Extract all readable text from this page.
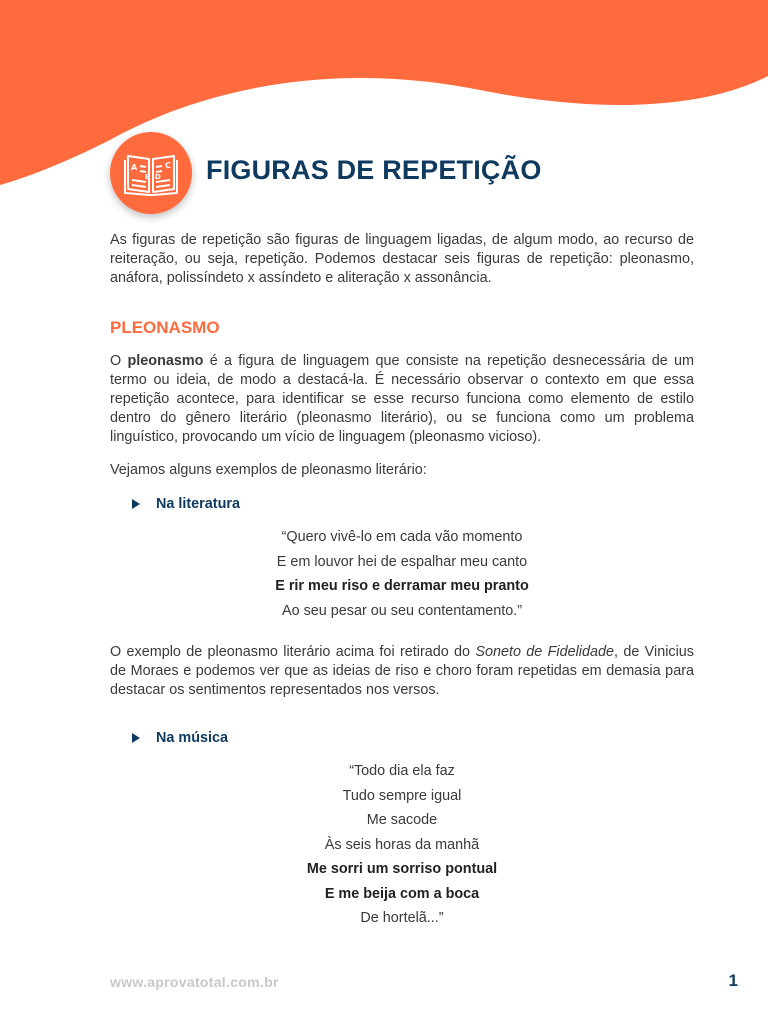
A	C
B D FIGURAS DE REPETIÇÃO

As figuras de repetição são figuras de linguagem ligadas, de algum modo, ao recurso de reiteração, ou seja, repetição. Podemos destacar seis figuras de repetição: pleonasmo, anáfora, polissíndeto x assíndeto e aliteração x assonância.

PLEONASMO

O pleonasmo é a figura de linguagem que consiste na repetição desnecessária de um termo ou ideia, de modo a destacá-la. É necessário observar o contexto em que essa repetição acontece, para identificar se esse recurso funciona como elemento de estilo dentro do gênero literário (pleonasmo literário), ou se funciona como um problema linguístico, provocando um vício de linguagem (pleonasmo vicioso).

Vejamos alguns exemplos de pleonasmo literário:

Na literatura
“Quero vivê-lo em cada vão momento
E em louvor hei de espalhar meu canto
E rir meu riso e derramar meu pranto
Ao seu pesar ou seu contentamento.”

O exemplo de pleonasmo literário acima foi retirado do Soneto de Fidelidade, de Vinicius de Moraes e podemos ver que as ideias de riso e choro foram repetidas em demasia para destacar os sentimentos representados nos versos.

Na música
“Todo dia ela faz
Tudo sempre igual
Me sacode
Às seis horas da manhã
Me sorri um sorriso pontual
E me beija com a boca
De hortelã...”
www.aprovatotal.com.br	1
